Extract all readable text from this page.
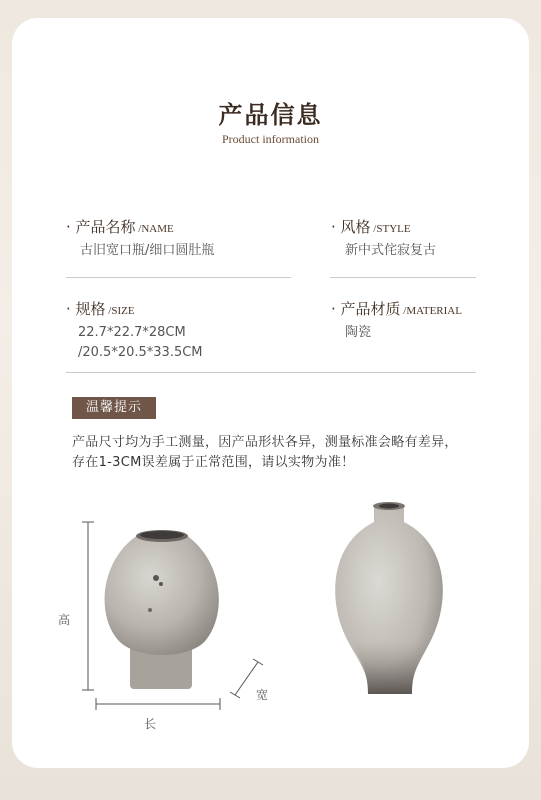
产品信息
Product information
· 产品名称 /NAME
古旧宽口瓶/细口圆肚瓶
· 风格 /STYLE
新中式侘寂复古
· 规格 /SIZE
22.7*22.7*28CM
/20.5*20.5*33.5CM
· 产品材质 /MATERIAL
陶瓷
温馨提示
产品尺寸均为手工测量，因产品形状各异，测量标准会略有差异，
存在1-3CM误差属于正常范围，请以实物为准！
高
长
宽
